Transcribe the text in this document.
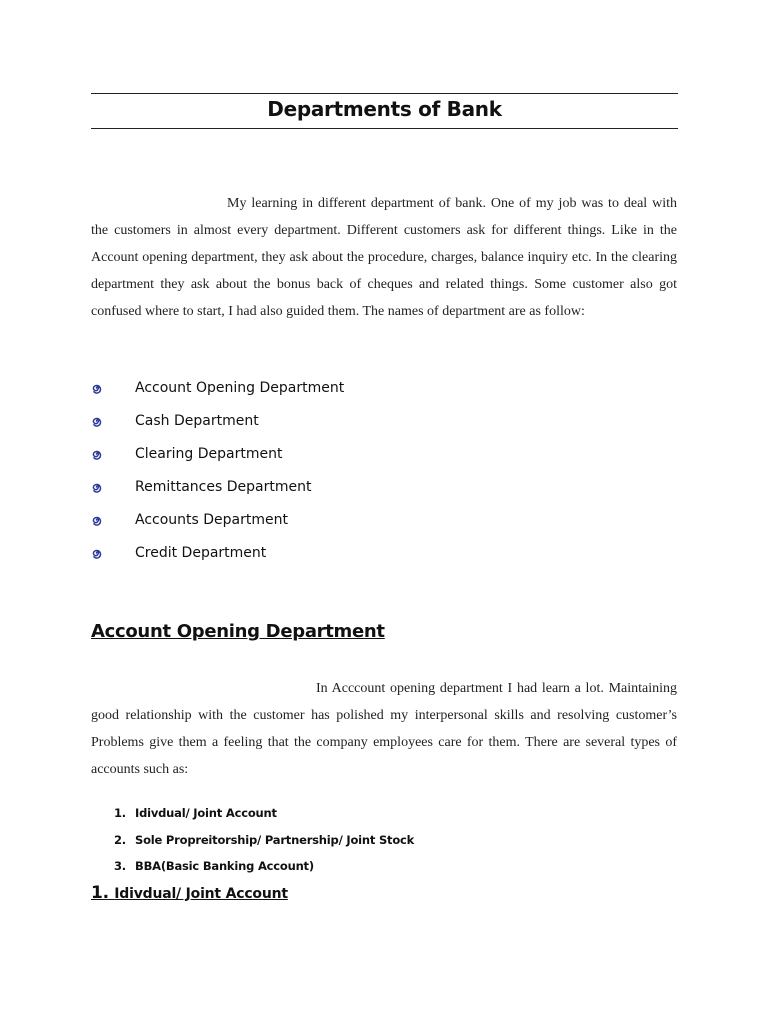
Departments of Bank

My learning in different department of bank. One of my job was to deal with the customers in almost every department. Different customers ask for different things. Like in the Account opening department, they ask about the procedure, charges, balance inquiry etc. In the clearing department they ask about the bonus back of cheques and related things. Some customer also got confused where to start, I had also guided them. The names of department are as follow:

Account Opening Department
Cash Department
Clearing Department
Remittances Department
Accounts Department
Credit Department
Account Opening Department

In Acccount opening department I had learn a lot. Maintaining good relationship with the customer has polished my interpersonal skills and resolving customer’s Problems give them a feeling that the company employees care for them. There are several types of accounts such as:

1. Idivdual/ Joint Account
2. Sole Propreitorship/ Partnership/ Joint Stock
3. BBA(Basic Banking Account)
1. Idivdual/ Joint Account
